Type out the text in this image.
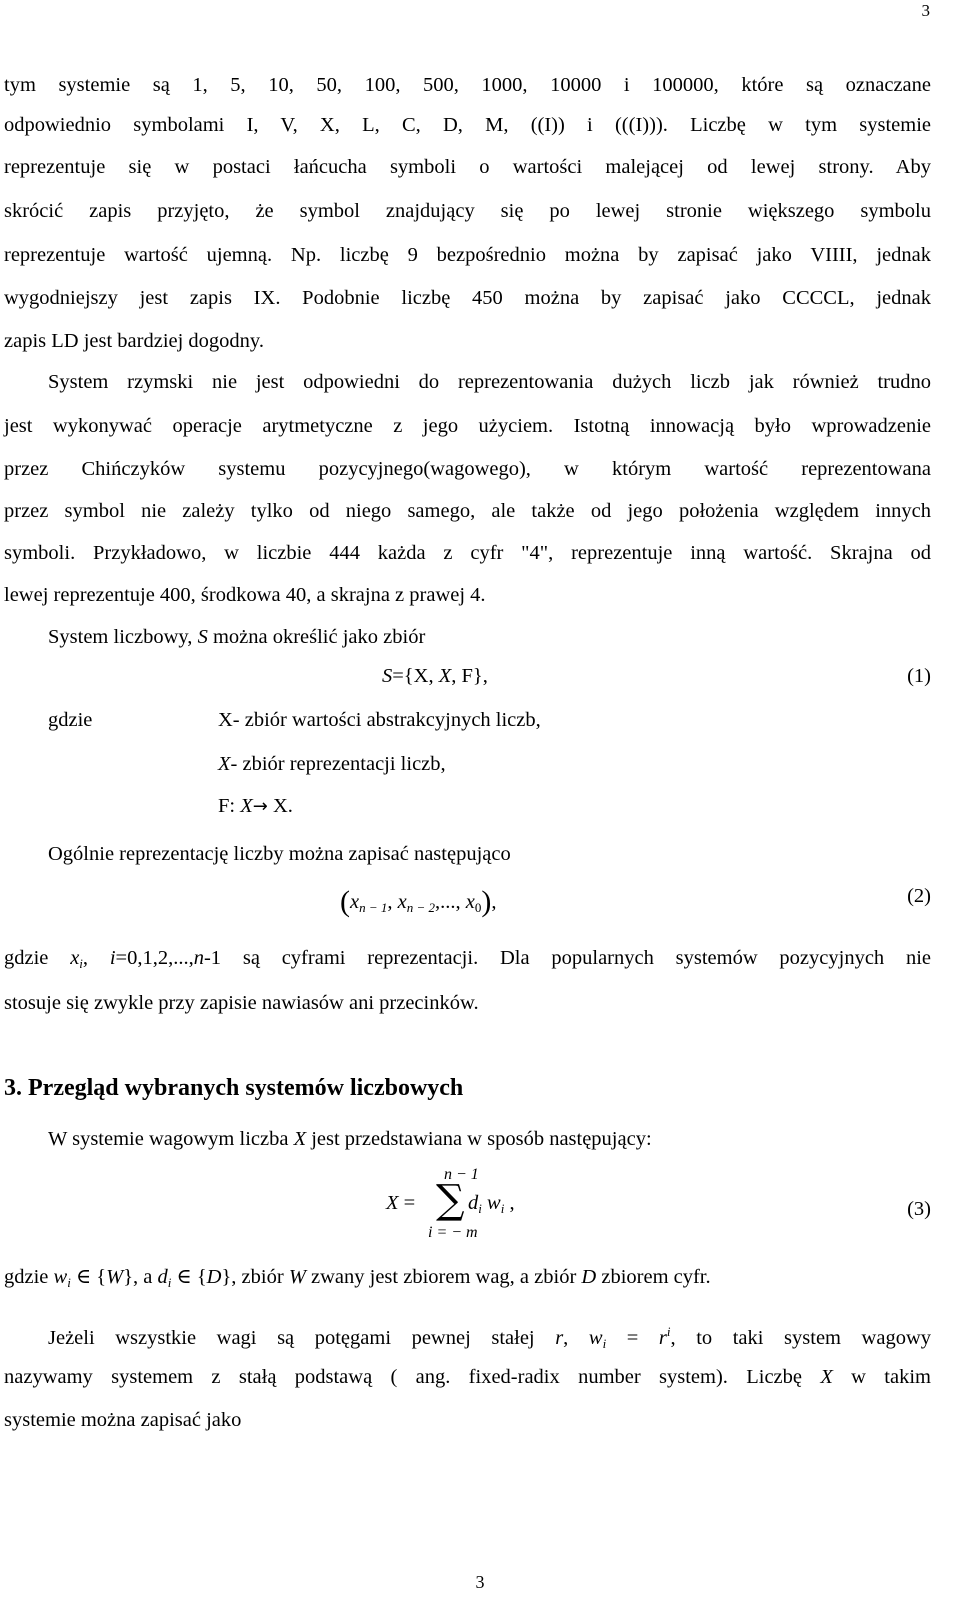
3

tym systemie są 1, 5, 10, 50, 100, 500, 1000, 10000 i 100000, które są oznaczane

odpowiednio symbolami I, V, X, L, C, D, M, ((I)) i (((I))). Liczbę w tym systemie

reprezentuje się w postaci łańcucha symboli o wartości malejącej od lewej strony. Aby

skrócić zapis przyjęto, że symbol znajdujący się po lewej stronie większego symbolu

reprezentuje wartość ujemną. Np. liczbę 9 bezpośrednio można by zapisać jako VIIII, jednak

wygodniejszy jest zapis IX. Podobnie liczbę 450 można by zapisać jako CCCCL, jednak

zapis LD jest bardziej dogodny.

System rzymski nie jest odpowiedni do reprezentowania dużych liczb jak również trudno

jest wykonywać operacje arytmetyczne z jego użyciem. Istotną innowacją było wprowadzenie

przez Chińczyków systemu pozycyjnego(wagowego), w którym wartość reprezentowana

przez symbol nie zależy tylko od niego samego, ale także od jego położenia względem innych

symboli. Przykładowo, w liczbie 444 każda z cyfr "4", reprezentuje inną wartość. Skrajna od

lewej reprezentuje 400, środkowa 40, a skrajna z prawej 4.

System liczbowy, S można określić jako zbiór

S={X, X, F},	(1)
gdzie	X- zbiór wartości abstrakcyjnych liczb,
X- zbiór reprezentacji liczb,
F: X→ X.

Ogólnie reprezentację liczby można zapisać następująco

($x_{n - 1}$, $x_{n - 2}$,..., $x_0$),	(2)

gdzie $x_i$, i=0,1,2,...,n-1 są cyframi reprezentacji. Dla popularnych systemów pozycyjnych nie

stosuje się zwykle przy zapisie nawiasów ani przecinków.

3. Przegląd wybranych systemów liczbowych

W systemie wagowym liczba X jest przedstawiana w sposób następujący:

X =
n − 1
∑
i = − m
$d_i$ $w_i$ ,	(3)

gdzie $w_i$ ∈ {W}, a $d_i$ ∈ {D}, zbiór W zwany jest zbiorem wag, a zbiór D zbiorem cyfr.

Jeżeli wszystkie wagi są potęgami pewnej stałej r, $w_i = r^i$, to taki system wagowy

nazywamy systemem z stałą podstawą ( ang. fixed-radix number system). Liczbę X w takim

systemie można zapisać jako

3
